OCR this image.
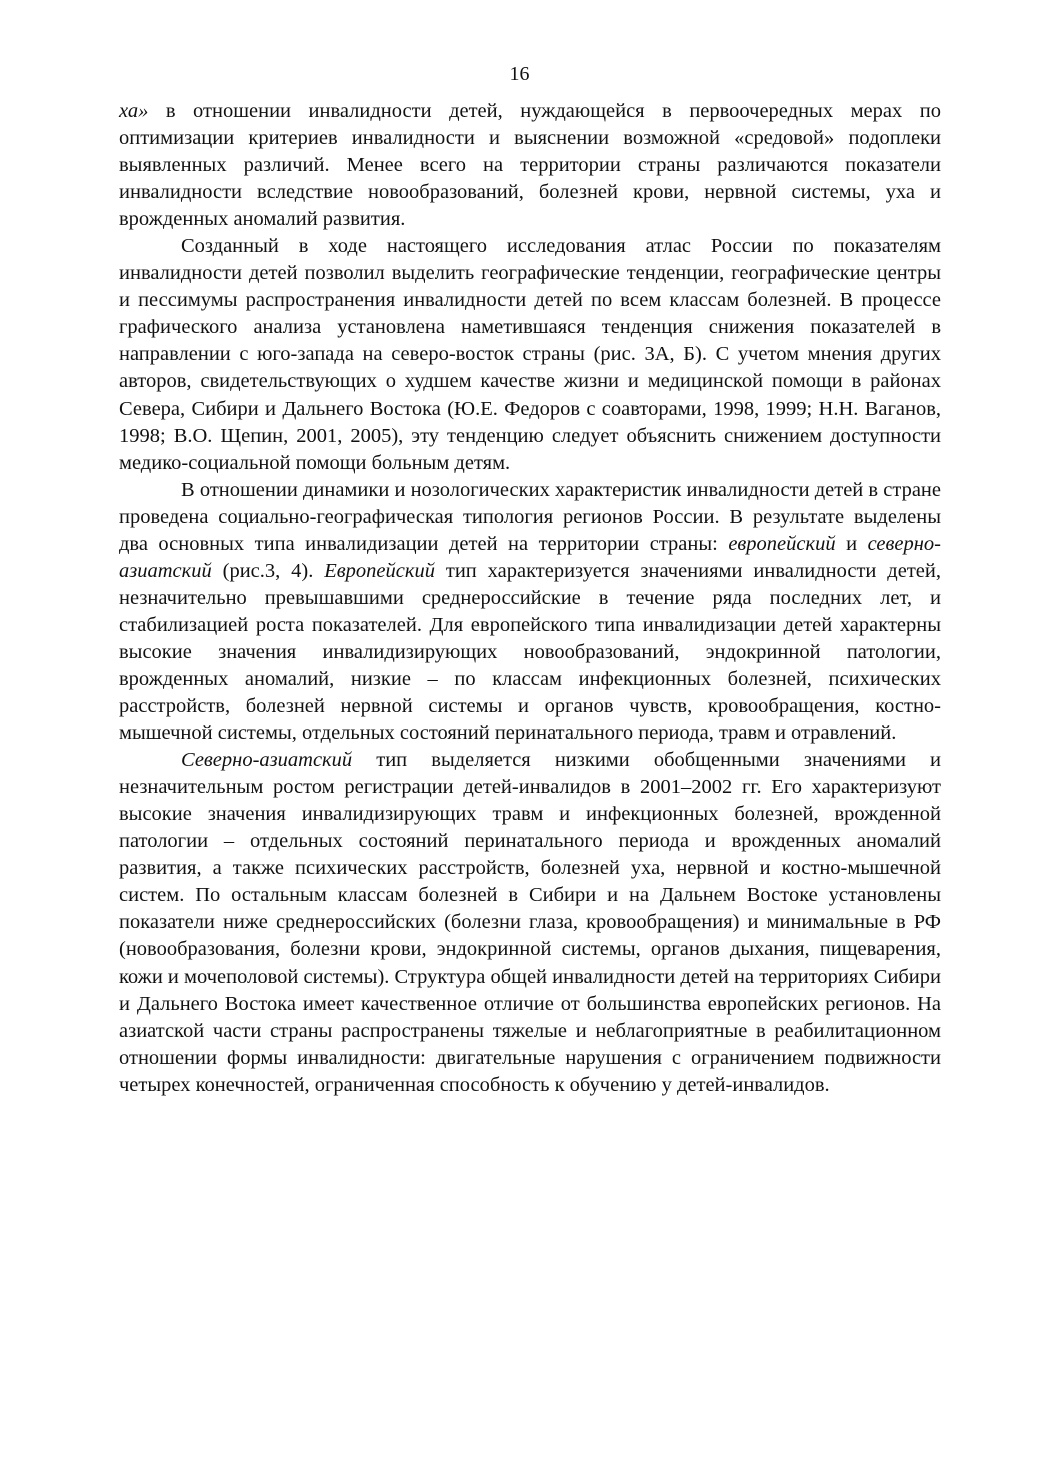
16

ха» в отношении инвалидности детей, нуждающейся в первоочередных мерах по оптимизации критериев инвалидности и выяснении возможной «средовой» подоплеки выявленных различий. Менее всего на территории страны различаются показатели инвалидности вследствие новообразований, болезней крови, нервной системы, уха и врожденных аномалий развития.

Созданный в ходе настоящего исследования атлас России по показателям инвалидности детей позволил выделить географические тенденции, географические центры и пессимумы распространения инвалидности детей по всем классам болезней. В процессе графического анализа установлена наметившаяся тенденция снижения показателей в направлении с юго-запада на северо-восток страны (рис. 3А, Б). С учетом мнения других авторов, свидетельствующих о худшем качестве жизни и медицинской помощи в районах Севера, Сибири и Дальнего Востока (Ю.Е. Федоров с соавторами, 1998, 1999; Н.Н. Ваганов, 1998; В.О. Щепин, 2001, 2005), эту тенденцию следует объяснить снижением доступности медико-социальной помощи больным детям.

В отношении динамики и нозологических характеристик инвалидности детей в стране проведена социально-географическая типология регионов России. В результате выделены два основных типа инвалидизации детей на территории страны: европейский и северно-азиатский (рис.3, 4). Европейский тип характеризуется значениями инвалидности детей, незначительно превышавшими среднероссийские в течение ряда последних лет, и стабилизацией роста показателей. Для европейского типа инвалидизации детей характерны высокие значения инвалидизирующих новообразований, эндокринной патологии, врожденных аномалий, низкие – по классам инфекционных болезней, психических расстройств, болезней нервной системы и органов чувств, кровообращения, костно-мышечной системы, отдельных состояний перинатального периода, травм и отравлений.

Северно-азиатский тип выделяется низкими обобщенными значениями и незначительным ростом регистрации детей-инвалидов в 2001–2002 гг. Его характеризуют высокие значения инвалидизирующих травм и инфекционных болезней, врожденной патологии – отдельных состояний перинатального периода и врожденных аномалий развития, а также психических расстройств, болезней уха, нервной и костно-мышечной систем. По остальным классам болезней в Сибири и на Дальнем Востоке установлены показатели ниже среднероссийских (болезни глаза, кровообращения) и минимальные в РФ (новообразования, болезни крови, эндокринной системы, органов дыхания, пищеварения, кожи и мочеполовой системы). Структура общей инвалидности детей на территориях Сибири и Дальнего Востока имеет качественное отличие от большинства европейских регионов. На азиатской части страны распространены тяжелые и неблагоприятные в реабилитационном отношении формы инвалидности: двигательные нарушения с ограничением подвижности четырех конечностей, ограниченная способность к обучению у детей-инвалидов.
